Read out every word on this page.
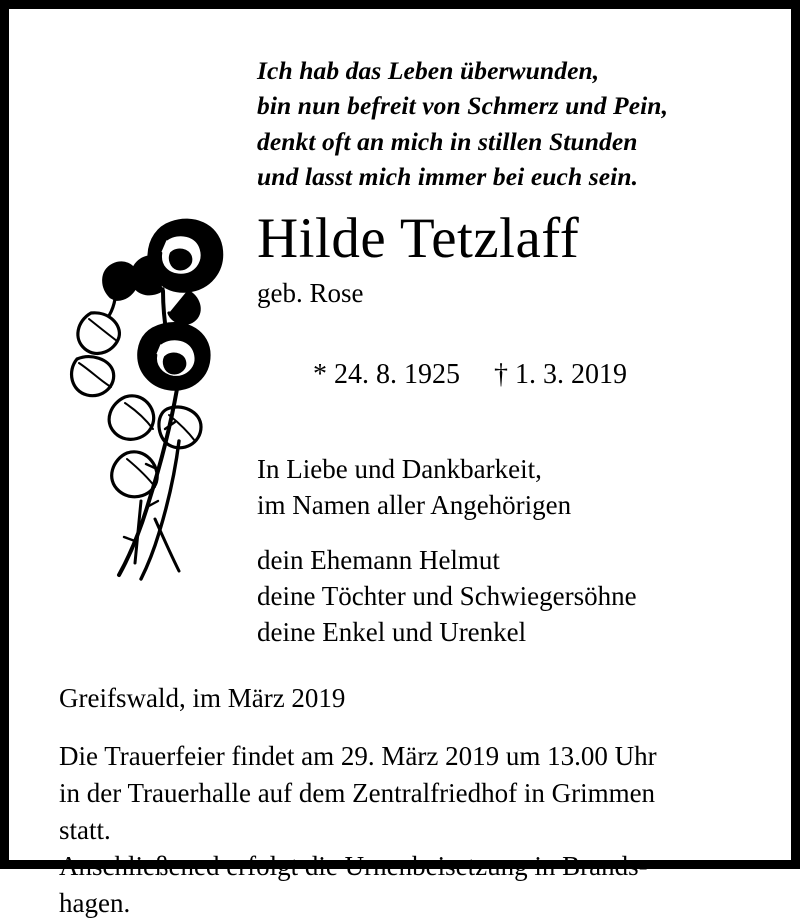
Ich hab das Leben überwunden,
bin nun befreit von Schmerz und Pein,
denkt oft an mich in stillen Stunden
und lasst mich immer bei euch sein.
Hilde Tetzlaff
geb. Rose

* 24. 8. 1925 † 1. 3. 2019

In Liebe und Dankbarkeit,
im Namen aller Angehörigen
dein Ehemann Helmut
deine Töchter und Schwiegersöhne
deine Enkel und Urenkel
Greifswald, im März 2019
Die Trauerfeier findet am 29. März 2019 um 13.00 Uhr
in der Trauerhalle auf dem Zentralfriedhof in Grimmen
statt.
Anschließened erfolgt die Urnenbeisetzung in Brands-
hagen.
